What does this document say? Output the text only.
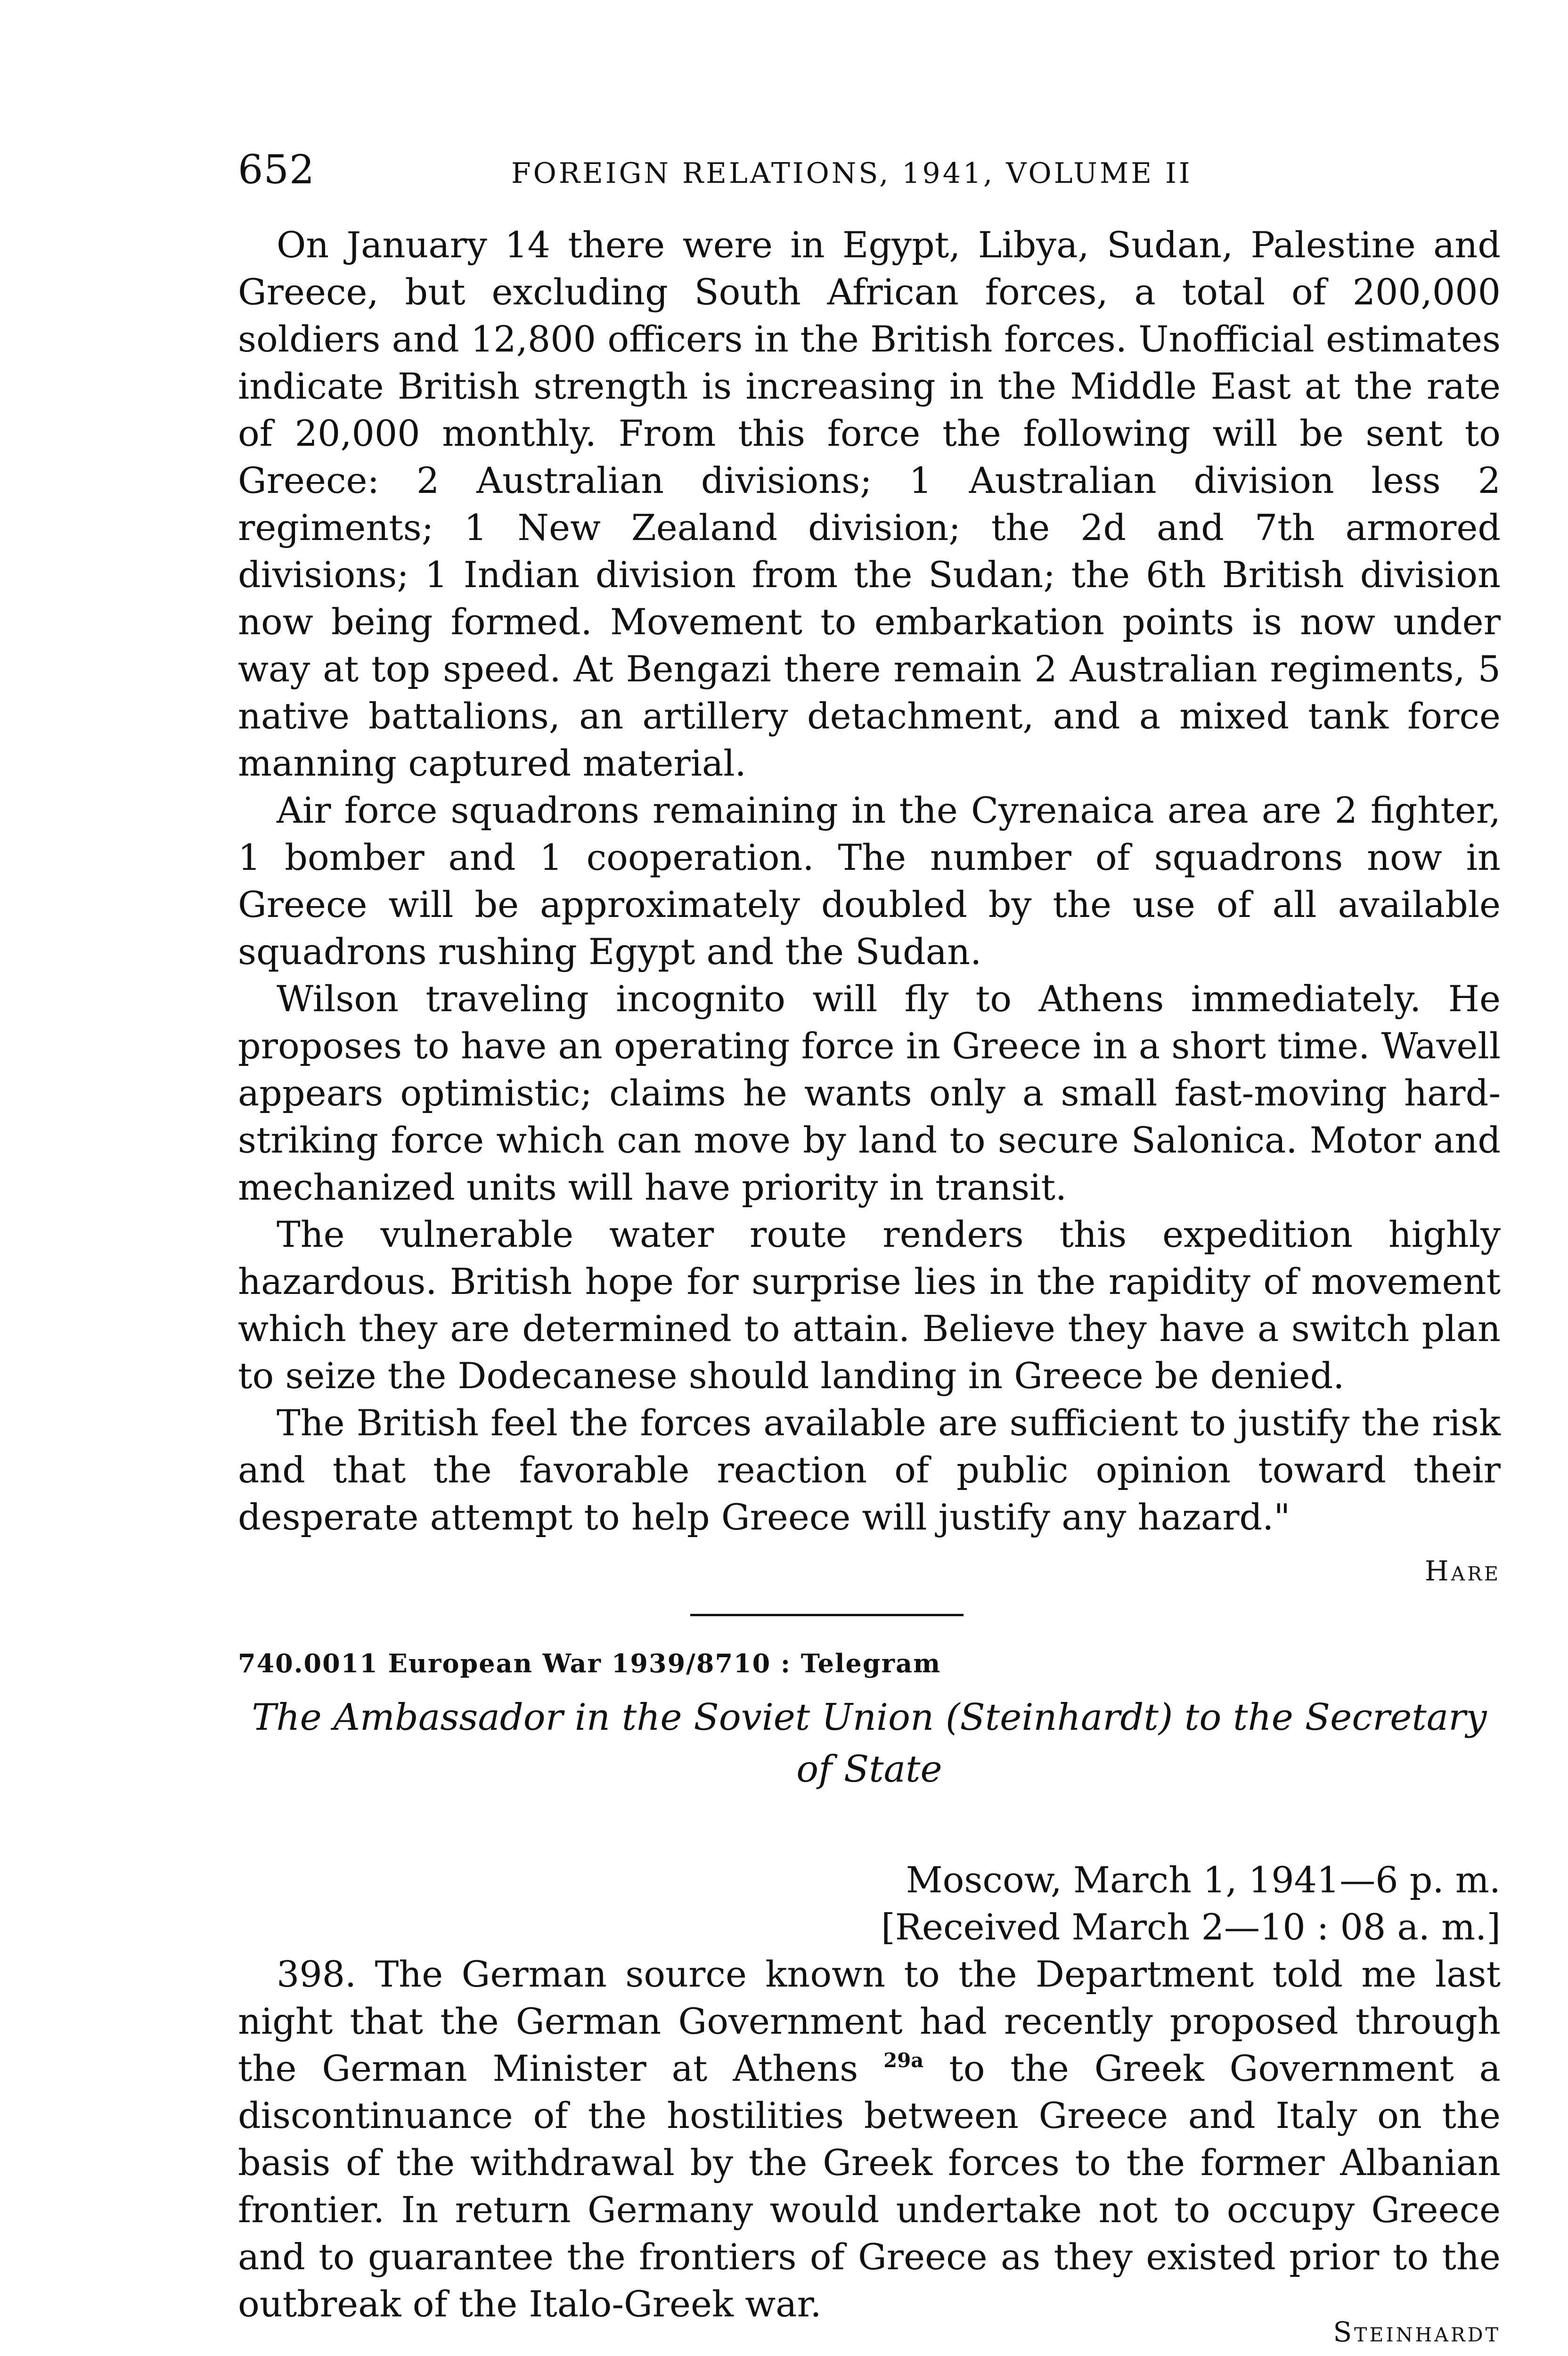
652	FOREIGN RELATIONS, 1941, VOLUME II

On January 14 there were in Egypt, Libya, Sudan, Palestine and Greece, but excluding South African forces, a total of 200,000 soldiers and 12,800 officers in the British forces. Unofficial estimates indicate British strength is increasing in the Middle East at the rate of 20,000 monthly. From this force the following will be sent to Greece: 2 Australian divisions; 1 Australian division less 2 regiments; 1 New Zealand division; the 2d and 7th armored divisions; 1 Indian division from the Sudan; the 6th British division now being formed. Movement to embarkation points is now under way at top speed. At Bengazi there remain 2 Australian regiments, 5 native battalions, an artillery detachment, and a mixed tank force manning captured material.

Air force squadrons remaining in the Cyrenaica area are 2 fighter, 1 bomber and 1 cooperation. The number of squadrons now in Greece will be approximately doubled by the use of all available squadrons rushing Egypt and the Sudan.

Wilson traveling incognito will fly to Athens immediately. He proposes to have an operating force in Greece in a short time. Wavell appears optimistic; claims he wants only a small fast-moving hard-striking force which can move by land to secure Salonica. Motor and mechanized units will have priority in transit.

The vulnerable water route renders this expedition highly hazardous. British hope for surprise lies in the rapidity of movement which they are determined to attain. Believe they have a switch plan to seize the Dodecanese should landing in Greece be denied.

The British feel the forces available are sufficient to justify the risk and that the favorable reaction of public opinion toward their desperate attempt to help Greece will justify any hazard."

Hare

740.0011 European War 1939/8710 : Telegram

The Ambassador in the Soviet Union (Steinhardt) to the Secretary of State

Moscow, March 1, 1941—6 p. m.
[Received March 2—10 : 08 a. m.]

398. The German source known to the Department told me last night that the German Government had recently proposed through the German Minister at Athens $^{29a}$ to the Greek Government a discontinuance of the hostilities between Greece and Italy on the basis of the withdrawal by the Greek forces to the former Albanian frontier. In return Germany would undertake not to occupy Greece and to guarantee the frontiers of Greece as they existed prior to the outbreak of the Italo-Greek war.

Steinhardt
